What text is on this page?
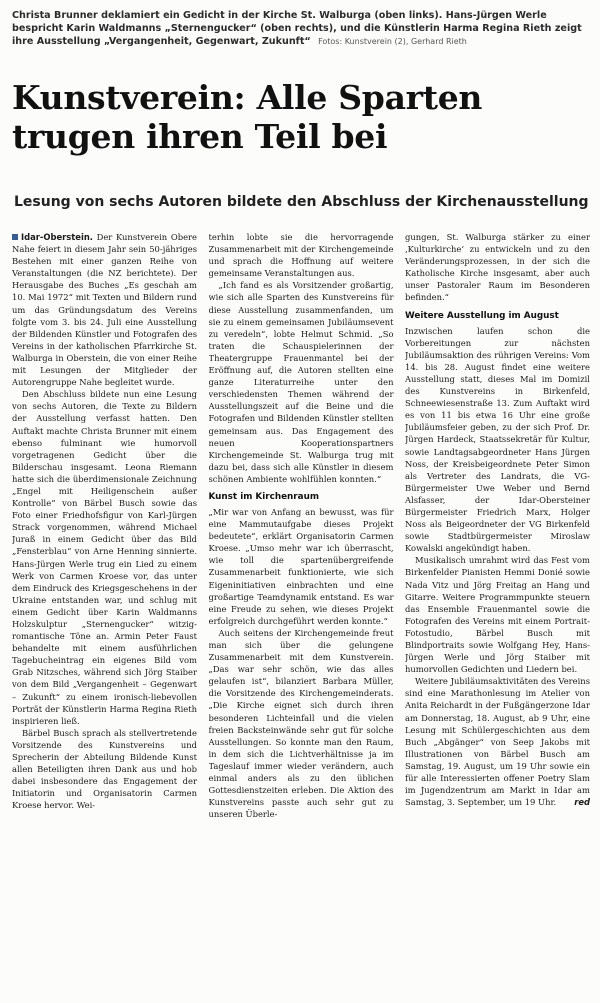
Christa Brunner deklamiert ein Gedicht in der Kirche St. Walburga (oben links). Hans-Jürgen Werle bespricht Karin Waldmanns „Sternengucker“ (oben rechts), und die Künstlerin Harma Regina Rieth zeigt ihre Ausstellung „Vergangenheit, Gegenwart, Zukunft“ Fotos: Kunstverein (2), Gerhard Rieth
Kunstverein: Alle Sparten trugen ihren Teil bei
Lesung von sechs Autoren bildete den Abschluss der Kirchenausstellung

Idar-Oberstein. Der Kunstverein Obere Nahe feiert in diesem Jahr sein 50-jähriges Bestehen mit einer ganzen Reihe von Veranstaltungen (die NZ berichtete). Der Herausgabe des Buches „Es geschah am 10. Mai 1972“ mit Texten und Bildern rund um das Gründungsdatum des Vereins folgte vom 3. bis 24. Juli eine Ausstellung der Bildenden Künstler und Fotografen des Vereins in der katholischen Pfarrkirche St. Walburga in Oberstein, die von einer Reihe mit Lesungen der Mitglieder der Autorengruppe Nahe begleitet wurde.

Den Abschluss bildete nun eine Lesung von sechs Autoren, die Texte zu Bildern der Ausstellung verfasst hatten. Den Auftakt machte Christa Brunner mit einem ebenso fulminant wie humorvoll vorgetragenen Gedicht über die Bilderschau insgesamt. Leona Riemann hatte sich die überdimensionale Zeichnung „Engel mit Heiligenschein außer Kontrolle“ von Bärbel Busch sowie das Foto einer Friedhofsfigur von Karl-Jürgen Strack vorgenommen, während Michael Juraß in einem Gedicht über das Bild „Fensterblau“ von Arne Henning sinnierte. Hans-Jürgen Werle trug ein Lied zu einem Werk von Carmen Kroese vor, das unter dem Eindruck des Kriegsgeschehens in der Ukraine entstanden war, und schlug mit einem Gedicht über Karin Waldmanns Holzskulptur „Sternengucker“ witzig-romantische Töne an. Armin Peter Faust behandelte mit einem ausführlichen Tagebucheintrag ein eigenes Bild vom Grab Nitzsches, während sich Jörg Staiber von dem Bild „Vergangenheit – Gegenwart – Zukunft“ zu einem ironisch-liebevollen Porträt der Künstlerin Harma Regina Rieth inspirieren ließ.

Bärbel Busch sprach als stellvertretende Vorsitzende des Kunstvereins und Sprecherin der Abteilung Bildende Kunst allen Beteiligten ihren Dank aus und hob dabei insbesondere das Engagement der Initiatorin und Organisatorin Carmen Kroese hervor. Wei-

terhin lobte sie die hervorragende Zusammenarbeit mit der Kirchengemeinde und sprach die Hoffnung auf weitere gemeinsame Veranstaltungen aus.

„Ich fand es als Vorsitzender großartig, wie sich alle Sparten des Kunstvereins für diese Ausstellung zusammenfanden, um sie zu einem gemeinsamen Jubiläumsevent zu veredeln“, lobte Helmut Schmid. „So traten die Schauspielerinnen der Theatergruppe Frauenmantel bei der Eröffnung auf, die Autoren stellten eine ganze Literaturreihe unter den verschiedensten Themen während der Ausstellungszeit auf die Beine und die Fotografen und Bildenden Künstler stellten gemeinsam aus. Das Engagement des neuen Kooperationspartners Kirchengemeinde St. Walburga trug mit dazu bei, dass sich alle Künstler in diesem schönen Ambiente wohlfühlen konnten.“

Kunst im Kirchenraum

„Mir war von Anfang an bewusst, was für eine Mammutaufgabe dieses Projekt bedeutete“, erklärt Organisatorin Carmen Kroese. „Umso mehr war ich überrascht, wie toll die spartenübergreifende Zusammenarbeit funktionierte, wie sich Eigeninitiativen einbrachten und eine großartige Teamdynamik entstand. Es war eine Freude zu sehen, wie dieses Projekt erfolgreich durchgeführt werden konnte.“

Auch seitens der Kirchengemeinde freut man sich über die gelungene Zusammenarbeit mit dem Kunstverein. „Das war sehr schön, wie das alles gelaufen ist“, bilanziert Barbara Müller, die Vorsitzende des Kirchengemeinderats. „Die Kirche eignet sich durch ihren besonderen Lichteinfall und die vielen freien Backsteinwände sehr gut für solche Ausstellungen. So konnte man den Raum, in dem sich die Lichtverhältnisse ja im Tageslauf immer wieder verändern, auch einmal anders als zu den üblichen Gottesdienstzeiten erleben. Die Aktion des Kunstvereins passte auch sehr gut zu unseren Überle-

gungen, St. Walburga stärker zu einer ‚Kulturkirche‘ zu entwickeln und zu den Veränderungsprozessen, in der sich die Katholische Kirche insgesamt, aber auch unser Pastoraler Raum im Besonderen befinden.“

Weitere Ausstellung im August

Inzwischen laufen schon die Vorbereitungen zur nächsten Jubiläumsaktion des rührigen Vereins: Vom 14. bis 28. August findet eine weitere Ausstellung statt, dieses Mal im Domizil des Kunstvereins in Birkenfeld, Schneewiesenstraße 13. Zum Auftakt wird es von 11 bis etwa 16 Uhr eine große Jubiläumsfeier geben, zu der sich Prof. Dr. Jürgen Hardeck, Staatssekretär für Kultur, sowie Landtagsabgeordneter Hans Jürgen Noss, der Kreisbeigeordnete Peter Simon als Vertreter des Landrats, die VG-Bürgermeister Uwe Weber und Bernd Alsfasser, der Idar-Obersteiner Bürgermeister Friedrich Marx, Holger Noss als Beigeordneter der VG Birkenfeld sowie Stadtbürgermeister Miroslaw Kowalski angekündigt haben.

Musikalisch umrahmt wird das Fest vom Birkenfelder Pianisten Hemmi Donié sowie Nada Vitz und Jörg Freitag an Hang und Gitarre. Weitere Programmpunkte steuern das Ensemble Frauenmantel sowie die Fotografen des Vereins mit einem Portrait-Fotostudio, Bärbel Busch mit Blindportraits sowie Wolfgang Hey, Hans-Jürgen Werle und Jörg Staiber mit humorvollen Gedichten und Liedern bei.

Weitere Jubiläumsaktivitäten des Vereins sind eine Marathonlesung im Atelier von Anita Reichardt in der Fußgängerzone Idar am Donnerstag, 18. August, ab 9 Uhr, eine Lesung mit Schülergeschichten aus dem Buch „Abgänger“ von Seep Jakobs mit Illustrationen von Bärbel Busch am Samstag, 19. August, um 19 Uhr sowie ein für alle Interessierten offener Poetry Slam im Jugendzentrum am Markt in Idar am Samstag, 3. September, um 19 Uhr.	red
